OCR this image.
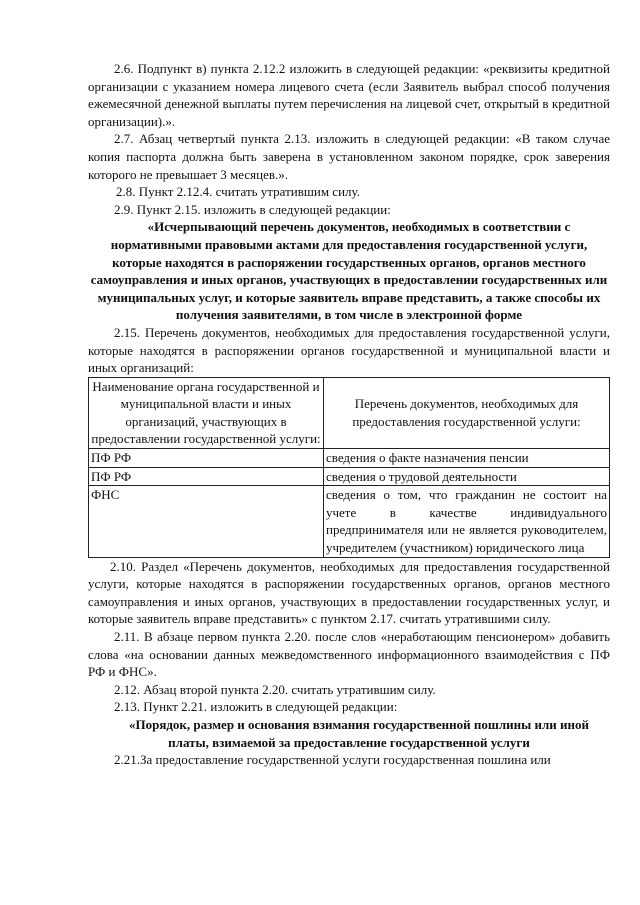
2.6. Подпункт в) пункта 2.12.2 изложить в следующей редакции: «реквизиты кредитной организации с указанием номера лицевого счета (если Заявитель выбрал способ получения ежемесячной денежной выплаты путем перечисления на лицевой счет, открытый в кредитной организации).».

2.7. Абзац четвертый пункта 2.13. изложить в следующей редакции: «В таком случае копия паспорта должна быть заверена в установленном законом порядке, срок заверения которого не превышает 3 месяцев.».

2.8. Пункт 2.12.4. считать утратившим силу.

2.9. Пункт 2.15. изложить в следующей редакции:

«Исчерпывающий перечень документов, необходимых в соответствии с нормативными правовыми актами для предоставления государственной услуги, которые находятся в распоряжении государственных органов, органов местного самоуправления и иных органов, участвующих в предоставлении государственных или муниципальных услуг, и которые заявитель вправе представить, а также способы их получения заявителями, в том числе в электронной форме

2.15. Перечень документов, необходимых для предоставления государственной услуги, которые находятся в распоряжении органов государственной и муниципальной власти и иных организаций:

Наименование органа государственной и муниципальной власти и иных организаций, участвующих в предоставлении государственной услуги:	Перечень документов, необходимых для предоставления государственной услуги:
ПФ РФ	сведения о факте назначения пенсии
ПФ РФ	сведения о трудовой деятельности
ФНС	сведения о том, что гражданин не состоит на учете в качестве индивидуального предпринимателя или не является руководителем, учредителем (участником) юридического лица

2.10. Раздел «Перечень документов, необходимых для предоставления государственной услуги, которые находятся в распоряжении государственных органов, органов местного самоуправления и иных органов, участвующих в предоставлении государственных услуг, и которые заявитель вправе представить» с пунктом 2.17. считать утратившими силу.

2.11. В абзаце первом пункта 2.20. после слов «неработающим пенсионером» добавить слова «на основании данных межведомственного информационного взаимодействия с ПФ РФ и ФНС».

2.12. Абзац второй пункта 2.20. считать утратившим силу.

2.13. Пункт 2.21. изложить в следующей редакции:

«Порядок, размер и основания взимания государственной пошлины или иной платы, взимаемой за предоставление государственной услуги

2.21.За предоставление государственной услуги государственная пошлина или
